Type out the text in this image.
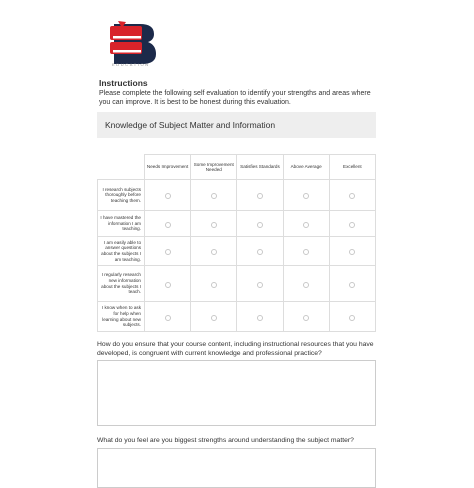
EDUCATION
Instructions
Please complete the following self evaluation to identify your strengths and areas where you can improve. It is best to be honest during this evaluation.
Knowledge of Subject Matter and Information
	Needs Improvement	Some Improvement Needed	Satisfies Standards	Above Average	Excellent
I research subjects thoroughly before teaching them.					
I have mastered the information I am teaching.					
I am easily able to answer questions about the subjects I am teaching.					
I regularly research new information about the subjects I teach.					
I know when to ask for help when learning about new subjects.					
How do you ensure that your course content, including instructional resources that you have developed, is congruent with current knowledge and professional practice?
What do you feel are you biggest strengths around understanding the subject matter?
